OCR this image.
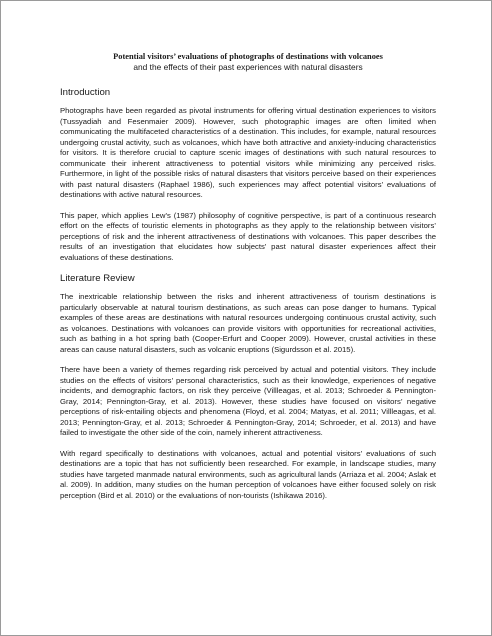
Potential visitors’ evaluations of photographs of destinations with volcanoes

and the effects of their past experiences with natural disasters

Introduction

Photographs have been regarded as pivotal instruments for offering virtual destination experiences to visitors (Tussyadiah and Fesenmaier 2009). However, such photographic images are often limited when communicating the multifaceted characteristics of a destination. This includes, for example, natural resources undergoing crustal activity, such as volcanoes, which have both attractive and anxiety-inducing characteristics for visitors. It is therefore crucial to capture scenic images of destinations with such natural resources to communicate their inherent attractiveness to potential visitors while minimizing any perceived risks. Furthermore, in light of the possible risks of natural disasters that visitors perceive based on their experiences with past natural disasters (Raphael 1986), such experiences may affect potential visitors’ evaluations of destinations with active natural resources.

This paper, which applies Lew’s (1987) philosophy of cognitive perspective, is part of a continuous research effort on the effects of touristic elements in photographs as they apply to the relationship between visitors’ perceptions of risk and the inherent attractiveness of destinations with volcanoes. This paper describes the results of an investigation that elucidates how subjects’ past natural disaster experiences affect their evaluations of these destinations.

Literature Review

The inextricable relationship between the risks and inherent attractiveness of tourism destinations is particularly observable at natural tourism destinations, as such areas can pose danger to humans. Typical examples of these areas are destinations with natural resources undergoing continuous crustal activity, such as volcanoes. Destinations with volcanoes can provide visitors with opportunities for recreational activities, such as bathing in a hot spring bath (Cooper-Erfurt and Cooper 2009). However, crustal activities in these areas can cause natural disasters, such as volcanic eruptions (Sigurdsson et al. 2015).

There have been a variety of themes regarding risk perceived by actual and potential visitors. They include studies on the effects of visitors’ personal characteristics, such as their knowledge, experiences of negative incidents, and demographic factors, on risk they perceive (Villleagas, et al. 2013; Schroeder & Pennington-Gray, 2014; Pennington-Gray, et al. 2013). However, these studies have focused on visitors’ negative perceptions of risk-entailing objects and phenomena (Floyd, et al. 2004; Matyas, et al. 2011; Villleagas, et al. 2013; Pennington-Gray, et al. 2013; Schroeder & Pennington-Gray, 2014; Schroeder, et al. 2013) and have failed to investigate the other side of the coin, namely inherent attractiveness.

With regard specifically to destinations with volcanoes, actual and potential visitors’ evaluations of such destinations are a topic that has not sufficiently been researched. For example, in landscape studies, many studies have targeted manmade natural environments, such as agricultural lands (Arriaza et al. 2004; Aslak et al. 2009). In addition, many studies on the human perception of volcanoes have either focused solely on risk perception (Bird et al. 2010) or the evaluations of non-tourists (Ishikawa 2016).
